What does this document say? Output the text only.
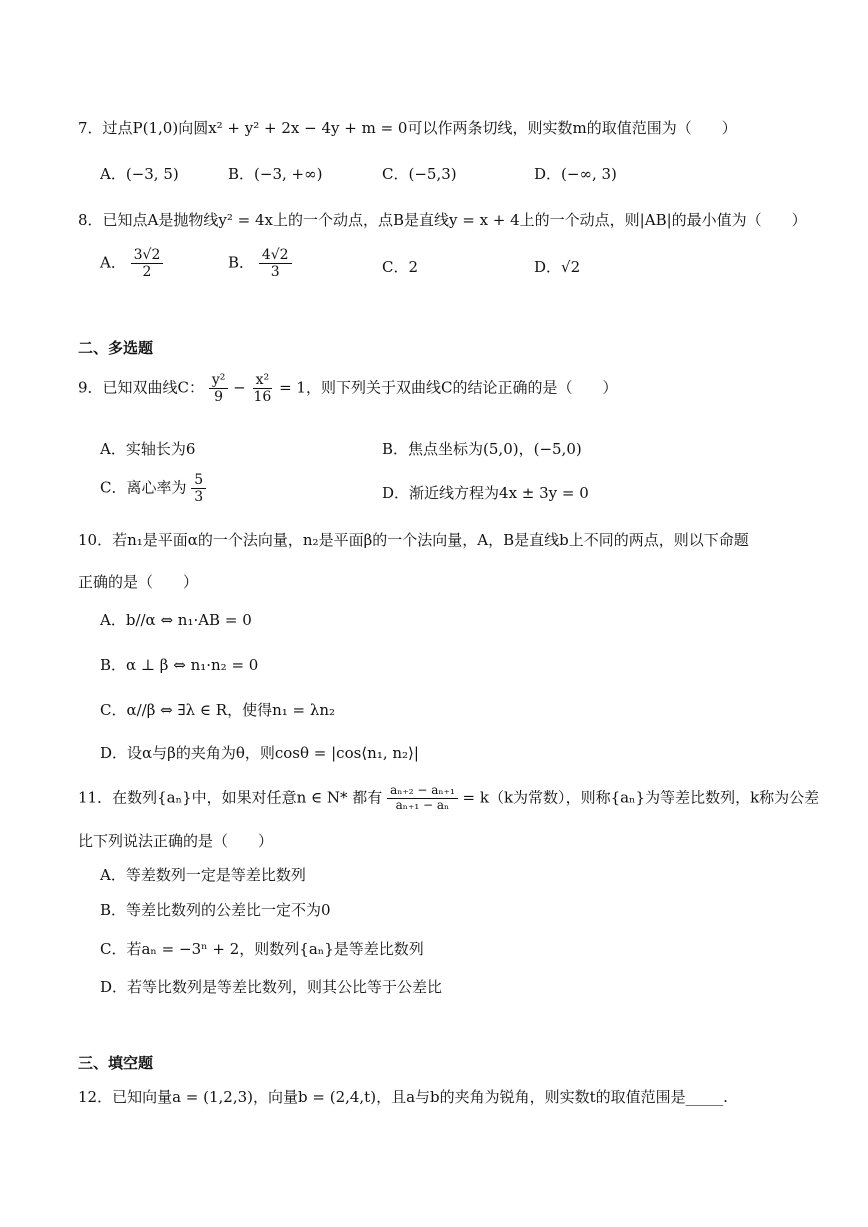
7．过点P(1,0)向圆x² + y² + 2x − 4y + m = 0可以作两条切线，则实数m的取值范围为（　　）
A．(−3, 5)	B．(−3, +∞)	C．(−5,3)	D．(−∞, 3)
8．已知点A是抛物线y² = 4x上的一个动点，点B是直线y = x + 4上的一个动点，则|AB|的最小值为（　　）
A． $\frac{3√2}{2}$	B． $\frac{4√2}{3}$	C．2	D．√2
二、多选题
9．已知双曲线C： $\frac{\text{y²}}{9} - \frac{\text{x²}}{16} = 1$，则下列关于双曲线C的结论正确的是（　　）
A．实轴长为6	B．焦点坐标为(5,0)，(−5,0)
C．离心率为 $\frac{5}{3}$	D．渐近线方程为4x ± 3y = 0
10．若n₁是平面α的一个法向量，n₂是平面β的一个法向量，A，B是直线b上不同的两点，则以下命题
正确的是（　　）
A．b//α ⇔ n₁·AB = 0
B．α ⊥ β ⇔ n₁·n₂ = 0
C．α//β ⇔ ∃λ ∈ R，使得n₁ = λn₂
D．设α与β的夹角为θ，则cosθ = |cos⟨n₁, n₂⟩|
11．在数列{aₙ}中，如果对任意n ∈ N* 都有 $\frac{\text{aₙ₊₂ − aₙ₊₁}}{\text{aₙ₊₁ − aₙ}} = k(k$为常数），则称{aₙ}为等差比数列，k称为公差
比下列说法正确的是（　　）
A．等差数列一定是等差比数列
B．等差比数列的公差比一定不为0
C．若aₙ = −3ⁿ + 2，则数列{aₙ}是等差比数列
D．若等比数列是等差比数列，则其公比等于公差比
三、填空题
12．已知向量a = (1,2,3)，向量b = (2,4,t)，且a与b的夹角为锐角，则实数t的取值范围是_____.
